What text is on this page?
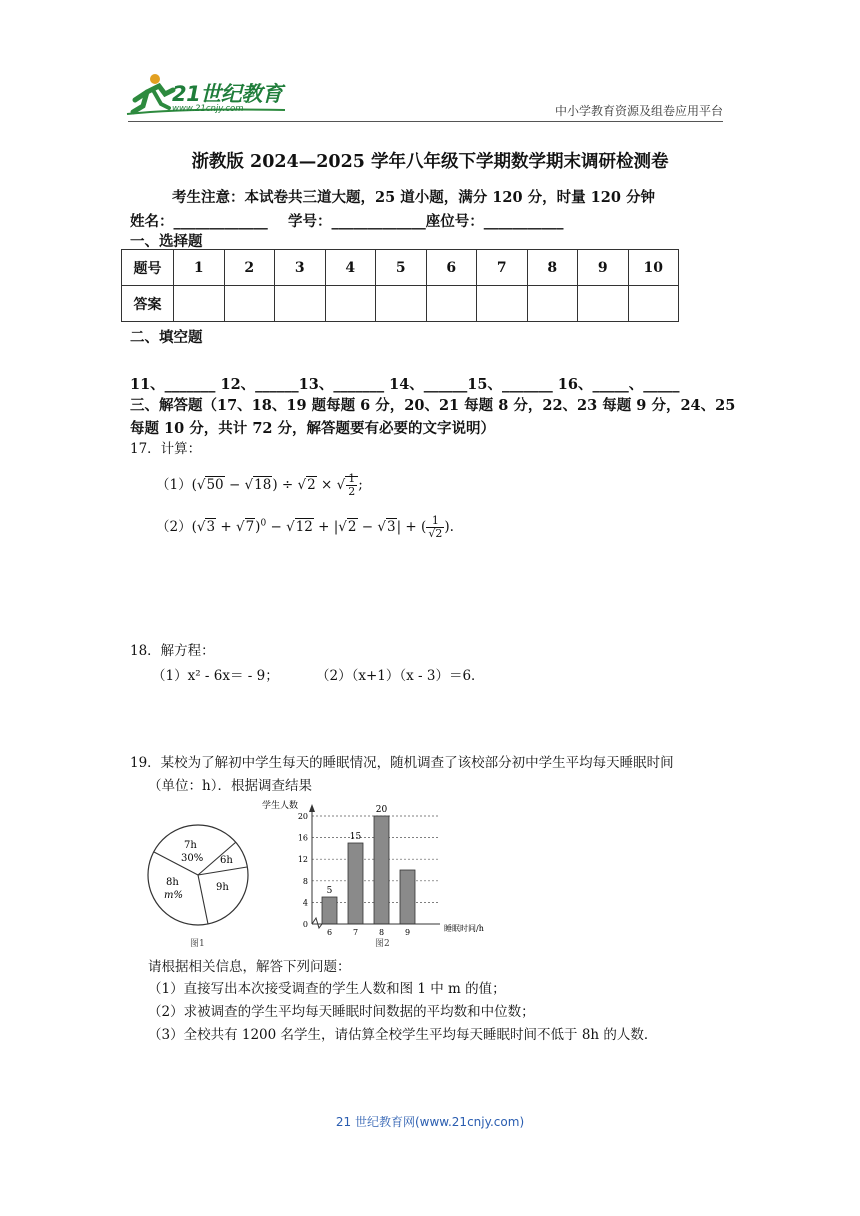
21世纪教育
www.21cnjy.com	中小学教育资源及组卷应用平台
浙教版 2024—2025 学年八年级下学期数学期末调研检测卷
考生注意：本试卷共三道大题，25 道小题，满分 120 分，时量 120 分钟
姓名：_____________    学号：_____________座位号：___________
一、选择题
题号	1	2	3	4	5	6	7	8	9	10
答案										
二、填空题
11、_______ 12、______13、_______ 14、______15、_______ 16、_____、_____
三、解答题（17、18、19 题每题 6 分，20、21 每题 8 分，22、23 每题 9 分，24、25 每题 10 分，共计 72 分，解答题要有必要的文字说明）
17．计算：
（1）(√50 − √18) ÷ √2 × √ $\frac{1}{2}$ ;
$(2)(√3 + √7)^0 - √12 + |√2 - √3|$ + ( $\frac{1}{√2}$ ).
18．解方程：
（1）x² - 6x＝ - 9；	（2）（x+1）（x - 3）＝6．
19．某校为了解初中学生每天的睡眠情况，随机调查了该校部分初中学生平均每天睡眠时间
（单位：h）．根据调查结果
7h
30% 6h
8h
m%
9h
图1
学生人数
0
4
8
12
16
20
6
5
7
15
8
20
9	睡眠时间/h
图2
请根据相关信息，解答下列问题：
（1）直接写出本次接受调查的学生人数和图 1 中 m 的值；
（2）求被调查的学生平均每天睡眠时间数据的平均数和中位数；
（3）全校共有 1200 名学生，请估算全校学生平均每天睡眠时间不低于 8h 的人数．
21 世纪教育网(www.21cnjy.com)
